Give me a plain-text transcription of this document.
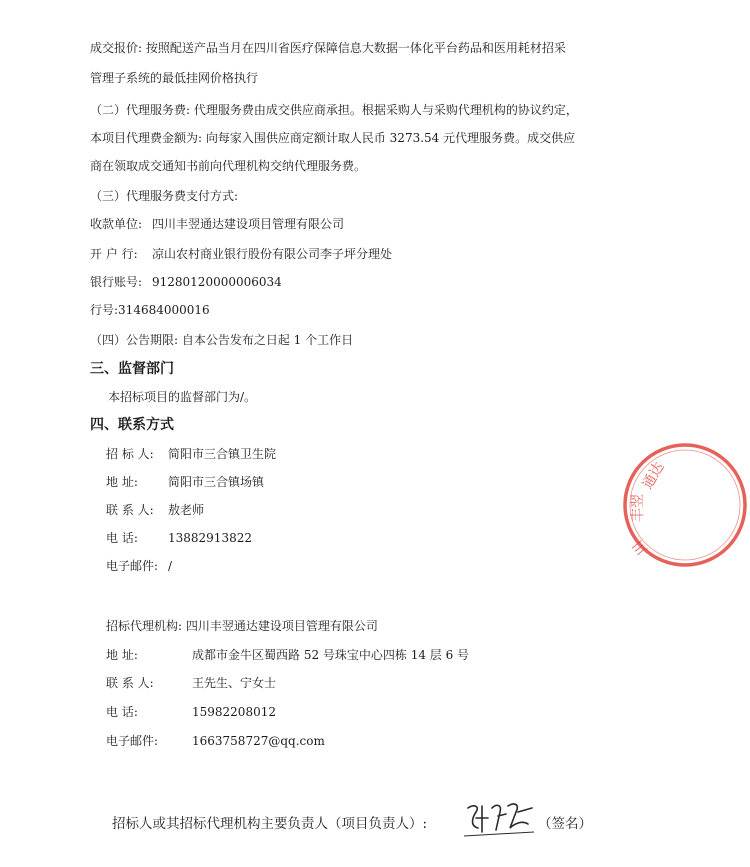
成交报价: 按照配送产品当月在四川省医疗保障信息大数据一体化平台药品和医用耗材招采
管理子系统的最低挂网价格执行
（二）代理服务费: 代理服务费由成交供应商承担。根据采购人与采购代理机构的协议约定，
本项目代理费金额为: 向每家入围供应商定额计取人民币 3273.54 元代理服务费。成交供应
商在领取成交通知书前向代理机构交纳代理服务费。
（三）代理服务费支付方式:
收款单位: 四川丰翌通达建设项目管理有限公司
开 户 行: 凉山农村商业银行股份有限公司李子坪分理处
银行账号: 91280120000006034
行号:314684000016
（四）公告期限: 自本公告发布之日起 1 个工作日
三、监督部门
本招标项目的监督部门为/。
四、联系方式
招 标 人: 简阳市三合镇卫生院
地 址:	简阳市三合镇场镇
联 系 人: 敖老师
电 话:	13882913822
电子邮件: /
招标代理机构: 四川丰翌通达建设项目管理有限公司
地 址:	成都市金牛区蜀西路 52 号珠宝中心四栋 14 层 6 号
联 系 人:	王先生、宁女士
电 话:	15982208012
电子邮件:	1663758727@qq.com
招标人或其招标代理机构主要负责人（项目负责人）:	（签名）
通达
丰翌
川
